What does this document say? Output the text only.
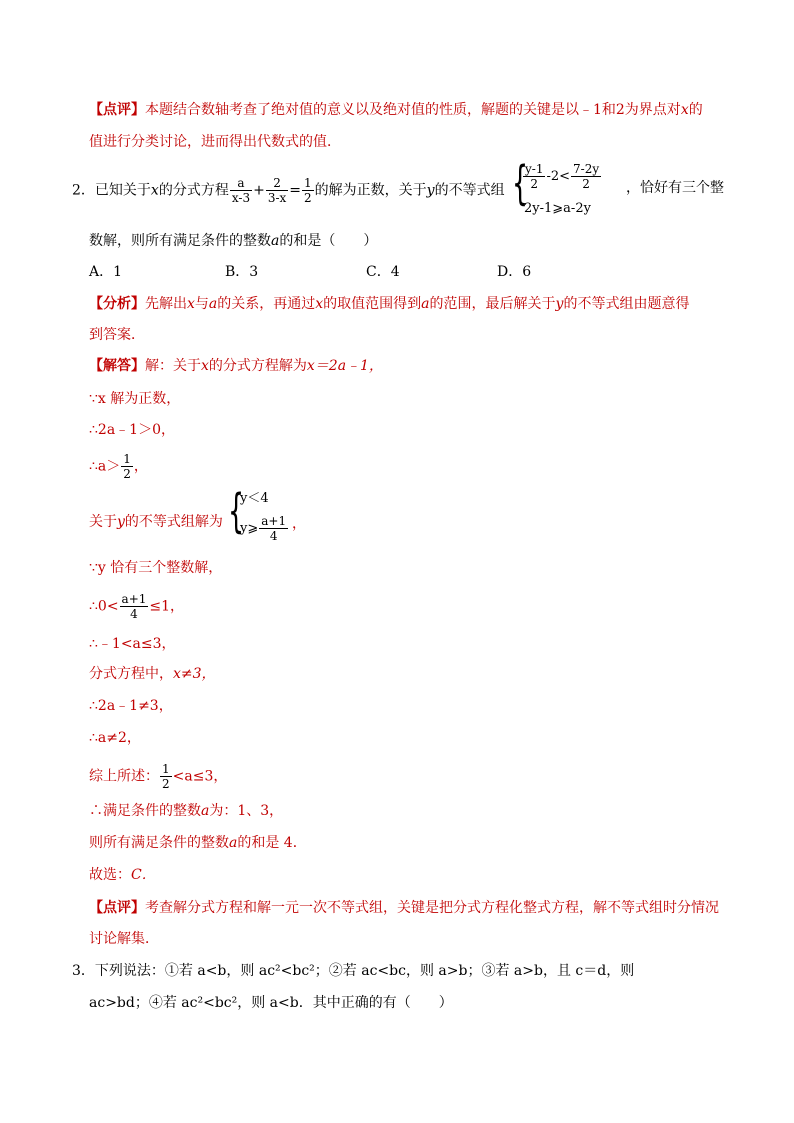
【点评】本题结合数轴考查了绝对值的意义以及绝对值的性质，解题的关键是以﹣1和2为界点对x的
值进行分类讨论，进而得出代数式的值．
2．已知关于x的分式方程 $\frac{a}{x-3} + \frac{2}{3-x} = \frac{1}{2}$ 的解为正数，关于y的不等式组 {
$\frac{y-1}{2} -2< \frac{7-2y}{2}$
2y-1⩾a-2y
，恰好有三个整
数解，则所有满足条件的整数a的和是（　　）
A．1	B．3	C．4	D．6
【分析】先解出x与a的关系，再通过x的取值范围得到a的范围，最后解关于y的不等式组由题意得
到答案．
【解答】解：关于x的分式方程解为x＝2a﹣1，
∵x 解为正数，
∴2a﹣1＞0，
∴a＞ $\frac{1}{2}$ ，
关于y的不等式组解为 {
y＜4
y⩾ $\frac{a+1}{4}$ ，
∵y 恰有三个整数解，
∴0< $\frac{a+1}{4} \le 1$，
∴﹣1<a≤3，
分式方程中，x≠3，
∴2a﹣1≠3，
∴a≠2，
综上所述： $\frac{1}{2} <a\le 3$，
∴满足条件的整数a为：1、3，
则所有满足条件的整数a的和是 4．
故选：C．
【点评】考查解分式方程和解一元一次不等式组，关键是把分式方程化整式方程，解不等式组时分情况
讨论解集．
3．下列说法：①若 a<b，则 ac²<bc²；②若 ac<bc，则 a>b；③若 a>b，且 c＝d，则
ac>bd；④若 ac²<bc²，则 a<b．其中正确的有（　　）
